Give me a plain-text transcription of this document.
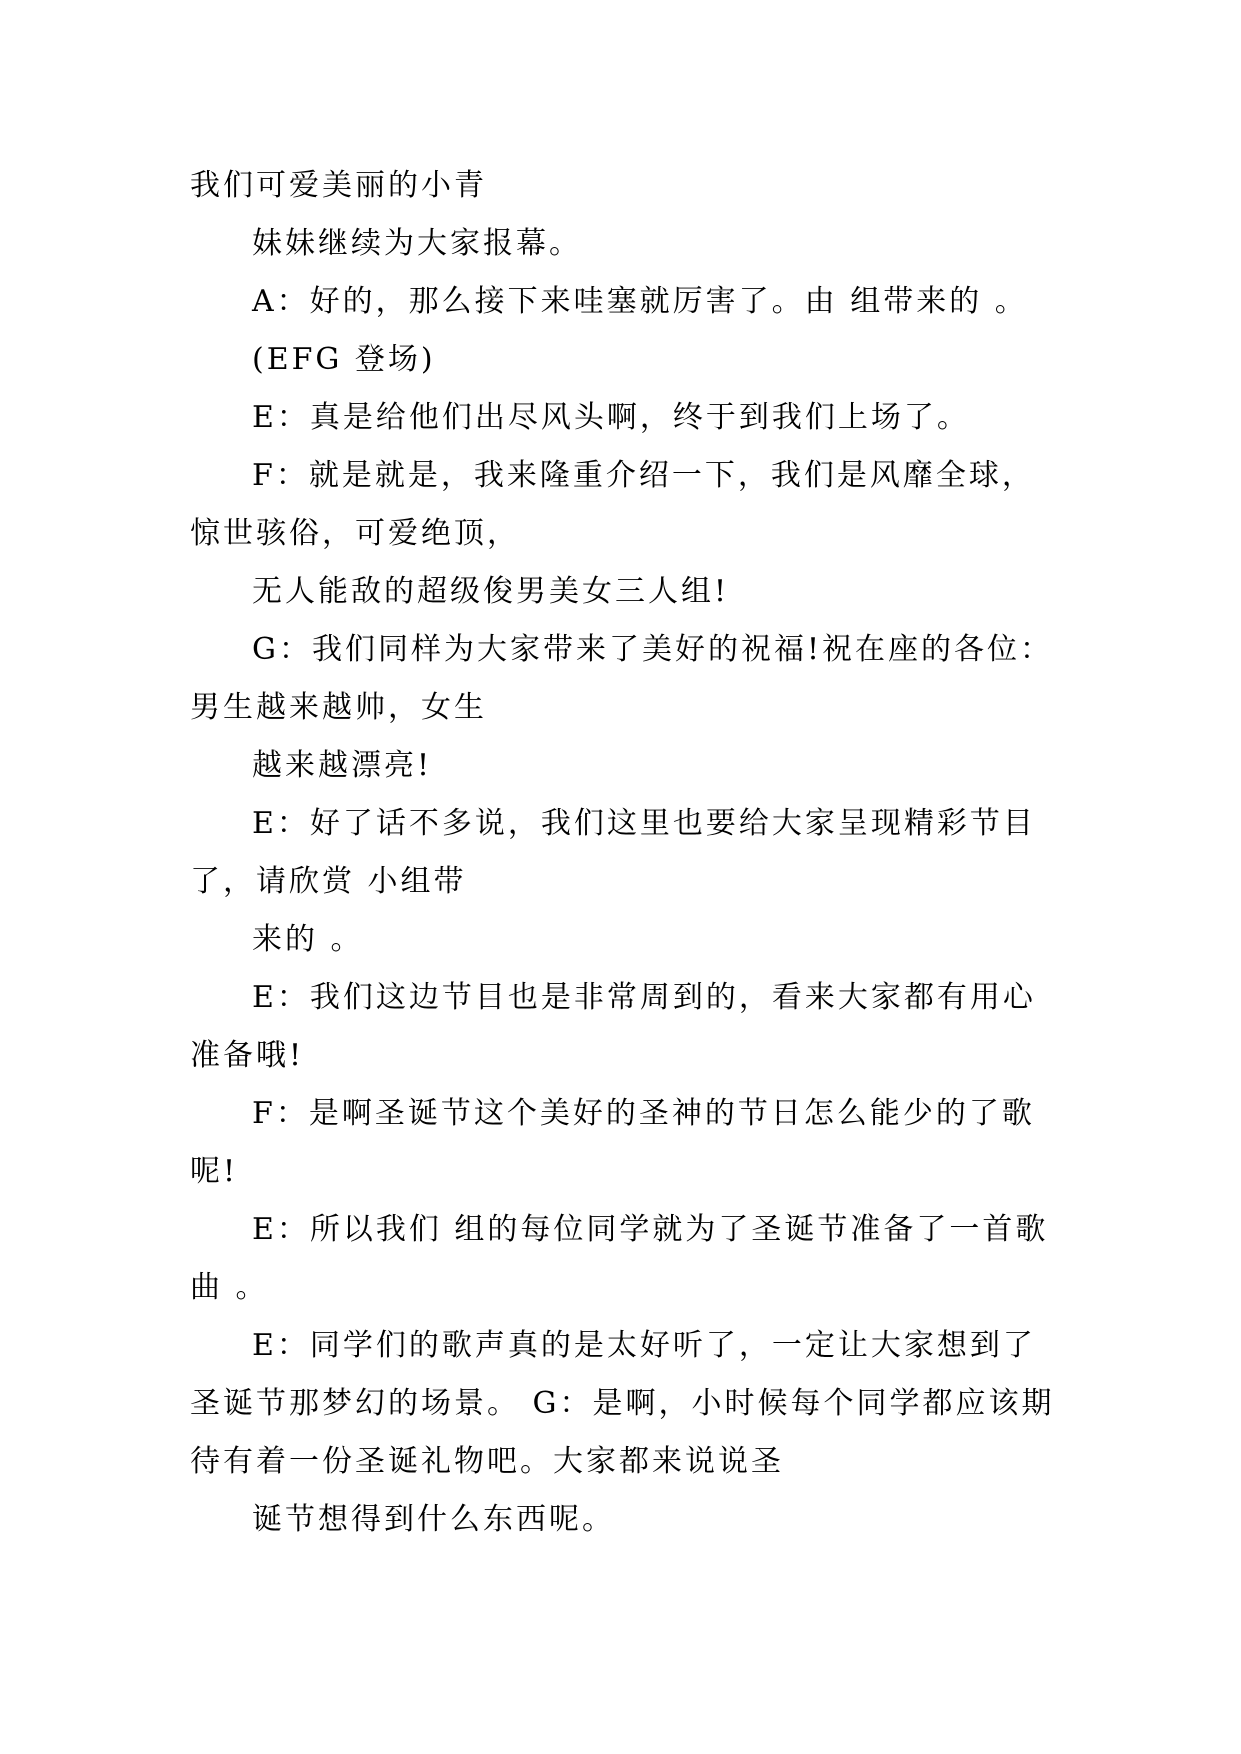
我们可爱美丽的小青
妹妹继续为大家报幕。
A：好的，那么接下来哇塞就厉害了。由 组带来的 。
(EFG 登场)
E：真是给他们出尽风头啊，终于到我们上场了。
F：就是就是，我来隆重介绍一下，我们是风靡全球，
惊世骇俗，可爱绝顶，
无人能敌的超级俊男美女三人组!
G：我们同样为大家带来了美好的祝福!祝在座的各位：
男生越来越帅，女生
越来越漂亮!
E：好了话不多说，我们这里也要给大家呈现精彩节目
了，请欣赏 小组带
来的 。
E：我们这边节目也是非常周到的，看来大家都有用心
准备哦!
F：是啊圣诞节这个美好的圣神的节日怎么能少的了歌
呢!
E：所以我们 组的每位同学就为了圣诞节准备了一首歌
曲 。
E：同学们的歌声真的是太好听了，一定让大家想到了
圣诞节那梦幻的场景。 G：是啊，小时候每个同学都应该期
待有着一份圣诞礼物吧。大家都来说说圣
诞节想得到什么东西呢。
